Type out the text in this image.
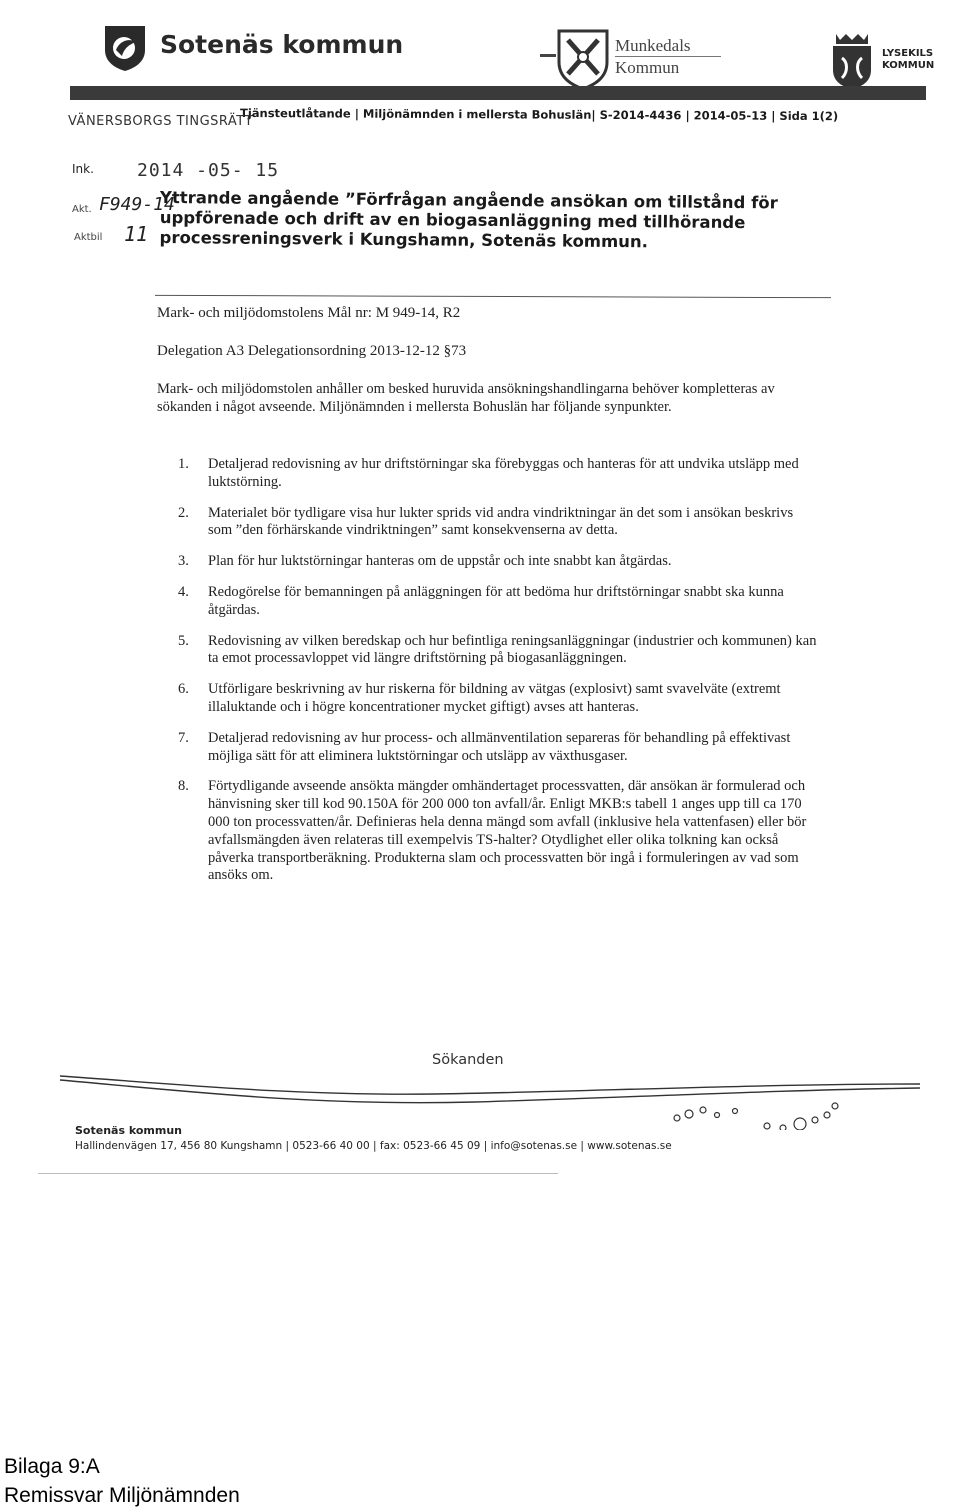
Sotenäs kommun	Munkedals
Kommun
LYSEKILS
KOMMUN
Tjänsteutlåtande | Miljönämnden i mellersta Bohuslän| S-2014-4436 | 2014-05-13 | Sida 1(2)
VÄNERSBORGS TINGSRÄTT
Ink. 2014 -05- 15
Akt. F949-14
Aktbil 11
Yttrande angående ”Förfrågan angående ansökan om tillstånd för uppförenade och drift av en biogasanläggning med tillhörande processreningsverk i Kungshamn, Sotenäs kommun.
Mark- och miljödomstolens Mål nr: M 949-14, R2
Delegation A3 Delegationsordning 2013-12-12 §73
Mark- och miljödomstolen anhåller om besked huruvida ansökningshandlingarna behöver kompletteras av sökanden i något avseende. Miljönämnden i mellersta Bohuslän har följande synpunkter.
1. Detaljerad redovisning av hur driftstörningar ska förebyggas och hanteras för att undvika utsläpp med luktstörning.
2. Materialet bör tydligare visa hur lukter sprids vid andra vindriktningar än det som i ansökan beskrivs som ”den förhärskande vindriktningen” samt konsekvenserna av detta.
3. Plan för hur luktstörningar hanteras om de uppstår och inte snabbt kan åtgärdas.
4. Redogörelse för bemanningen på anläggningen för att bedöma hur driftstörningar snabbt ska kunna åtgärdas.
5. Redovisning av vilken beredskap och hur befintliga reningsanläggningar (industrier och kommunen) kan ta emot processavloppet vid längre driftstörning på biogasanläggningen.
6. Utförligare beskrivning av hur riskerna för bildning av vätgas (explosivt) samt svavelväte (extremt illaluktande och i högre koncentrationer mycket giftigt) avses att hanteras.
7. Detaljerad redovisning av hur process- och allmänventilation separeras för behandling på effektivast möjliga sätt för att eliminera luktstörningar och utsläpp av växthusgaser.
8. Förtydligande avseende ansökta mängder omhändertaget processvatten, där ansökan är formulerad och hänvisning sker till kod 90.150A för 200 000 ton avfall/år. Enligt MKB:s tabell 1 anges upp till ca 170 000 ton processvatten/år. Definieras hela denna mängd som avfall (inklusive hela vattenfasen) eller bör avfallsmängden även relateras till exempelvis TS-halter? Otydlighet eller olika tolkning kan också påverka transportberäkning. Produkterna slam och processvatten bör ingå i formuleringen av vad som ansöks om.
Sökanden
Sotenäs kommun
Hallindenvägen 17, 456 80 Kungshamn | 0523-66 40 00 | fax: 0523-66 45 09 | info@sotenas.se | www.sotenas.se
Bilaga 9:A
Remissvar Miljönämnden
